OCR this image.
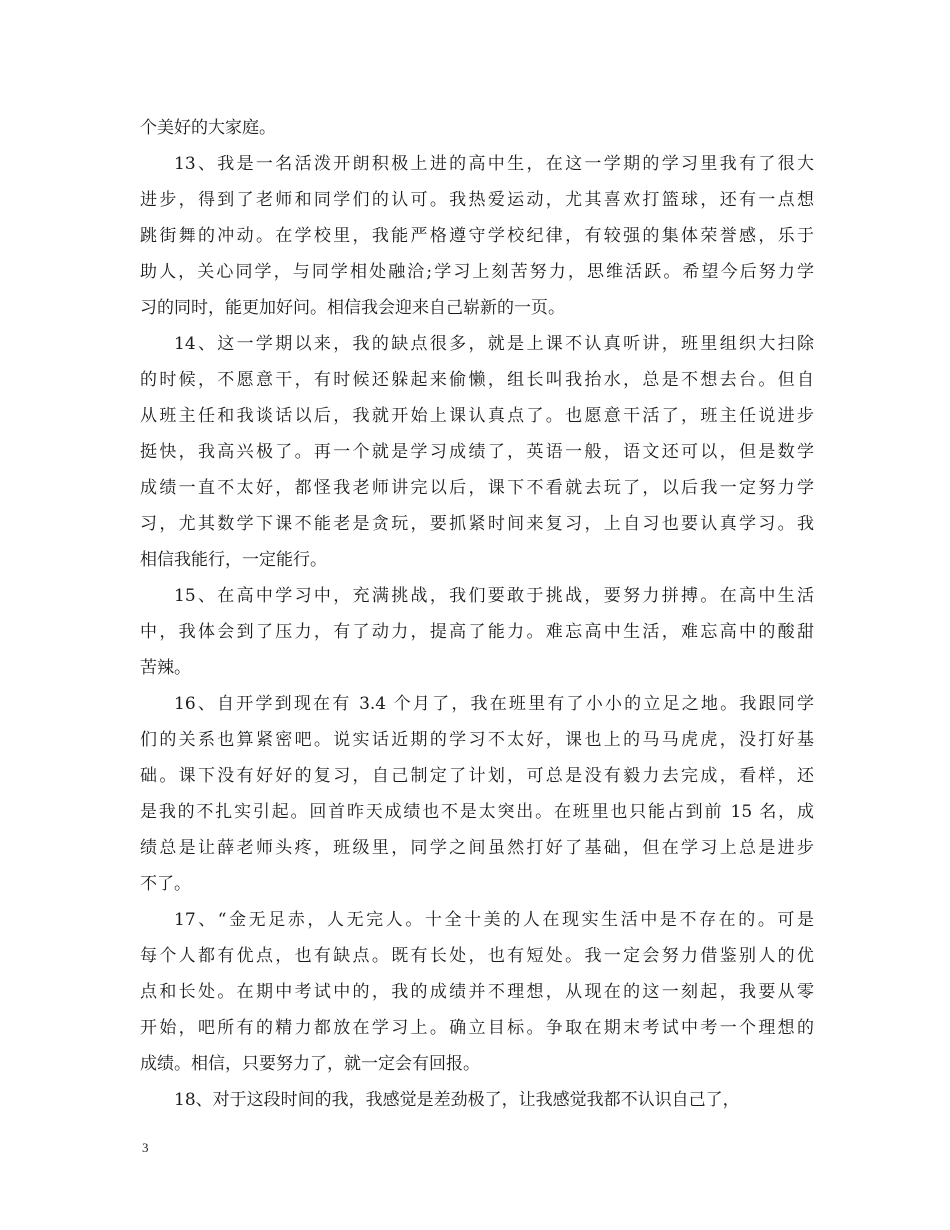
个美好的大家庭。
13、我是一名活泼开朗积极上进的高中生，在这一学期的学习里我有了很大
进步，得到了老师和同学们的认可。我热爱运动，尤其喜欢打篮球，还有一点想
跳街舞的冲动。在学校里，我能严格遵守学校纪律，有较强的集体荣誉感，乐于
助人，关心同学，与同学相处融洽;学习上刻苦努力，思维活跃。希望今后努力学
习的同时，能更加好问。相信我会迎来自己崭新的一页。
14、这一学期以来，我的缺点很多，就是上课不认真听讲，班里组织大扫除
的时候，不愿意干，有时候还躲起来偷懒，组长叫我抬水，总是不想去台。但自
从班主任和我谈话以后，我就开始上课认真点了。也愿意干活了，班主任说进步
挺快，我高兴极了。再一个就是学习成绩了，英语一般，语文还可以，但是数学
成绩一直不太好，都怪我老师讲完以后，课下不看就去玩了，以后我一定努力学
习，尤其数学下课不能老是贪玩，要抓紧时间来复习，上自习也要认真学习。我
相信我能行，一定能行。
15、在高中学习中，充满挑战，我们要敢于挑战，要努力拼搏。在高中生活
中，我体会到了压力，有了动力，提高了能力。难忘高中生活，难忘高中的酸甜
苦辣。
16、自开学到现在有 3.4 个月了，我在班里有了小小的立足之地。我跟同学
们的关系也算紧密吧。说实话近期的学习不太好，课也上的马马虎虎，没打好基
础。课下没有好好的复习，自己制定了计划，可总是没有毅力去完成，看样，还
是我的不扎实引起。回首昨天成绩也不是太突出。在班里也只能占到前 15 名，成
绩总是让薛老师头疼，班级里，同学之间虽然打好了基础，但在学习上总是进步
不了。
17、“金无足赤，人无完人。十全十美的人在现实生活中是不存在的。可是
每个人都有优点，也有缺点。既有长处，也有短处。我一定会努力借鉴别人的优
点和长处。在期中考试中的，我的成绩并不理想，从现在的这一刻起，我要从零
开始，吧所有的精力都放在学习上。确立目标。争取在期末考试中考一个理想的
成绩。相信，只要努力了，就一定会有回报。
18、对于这段时间的我，我感觉是差劲极了，让我感觉我都不认识自己了，
3
